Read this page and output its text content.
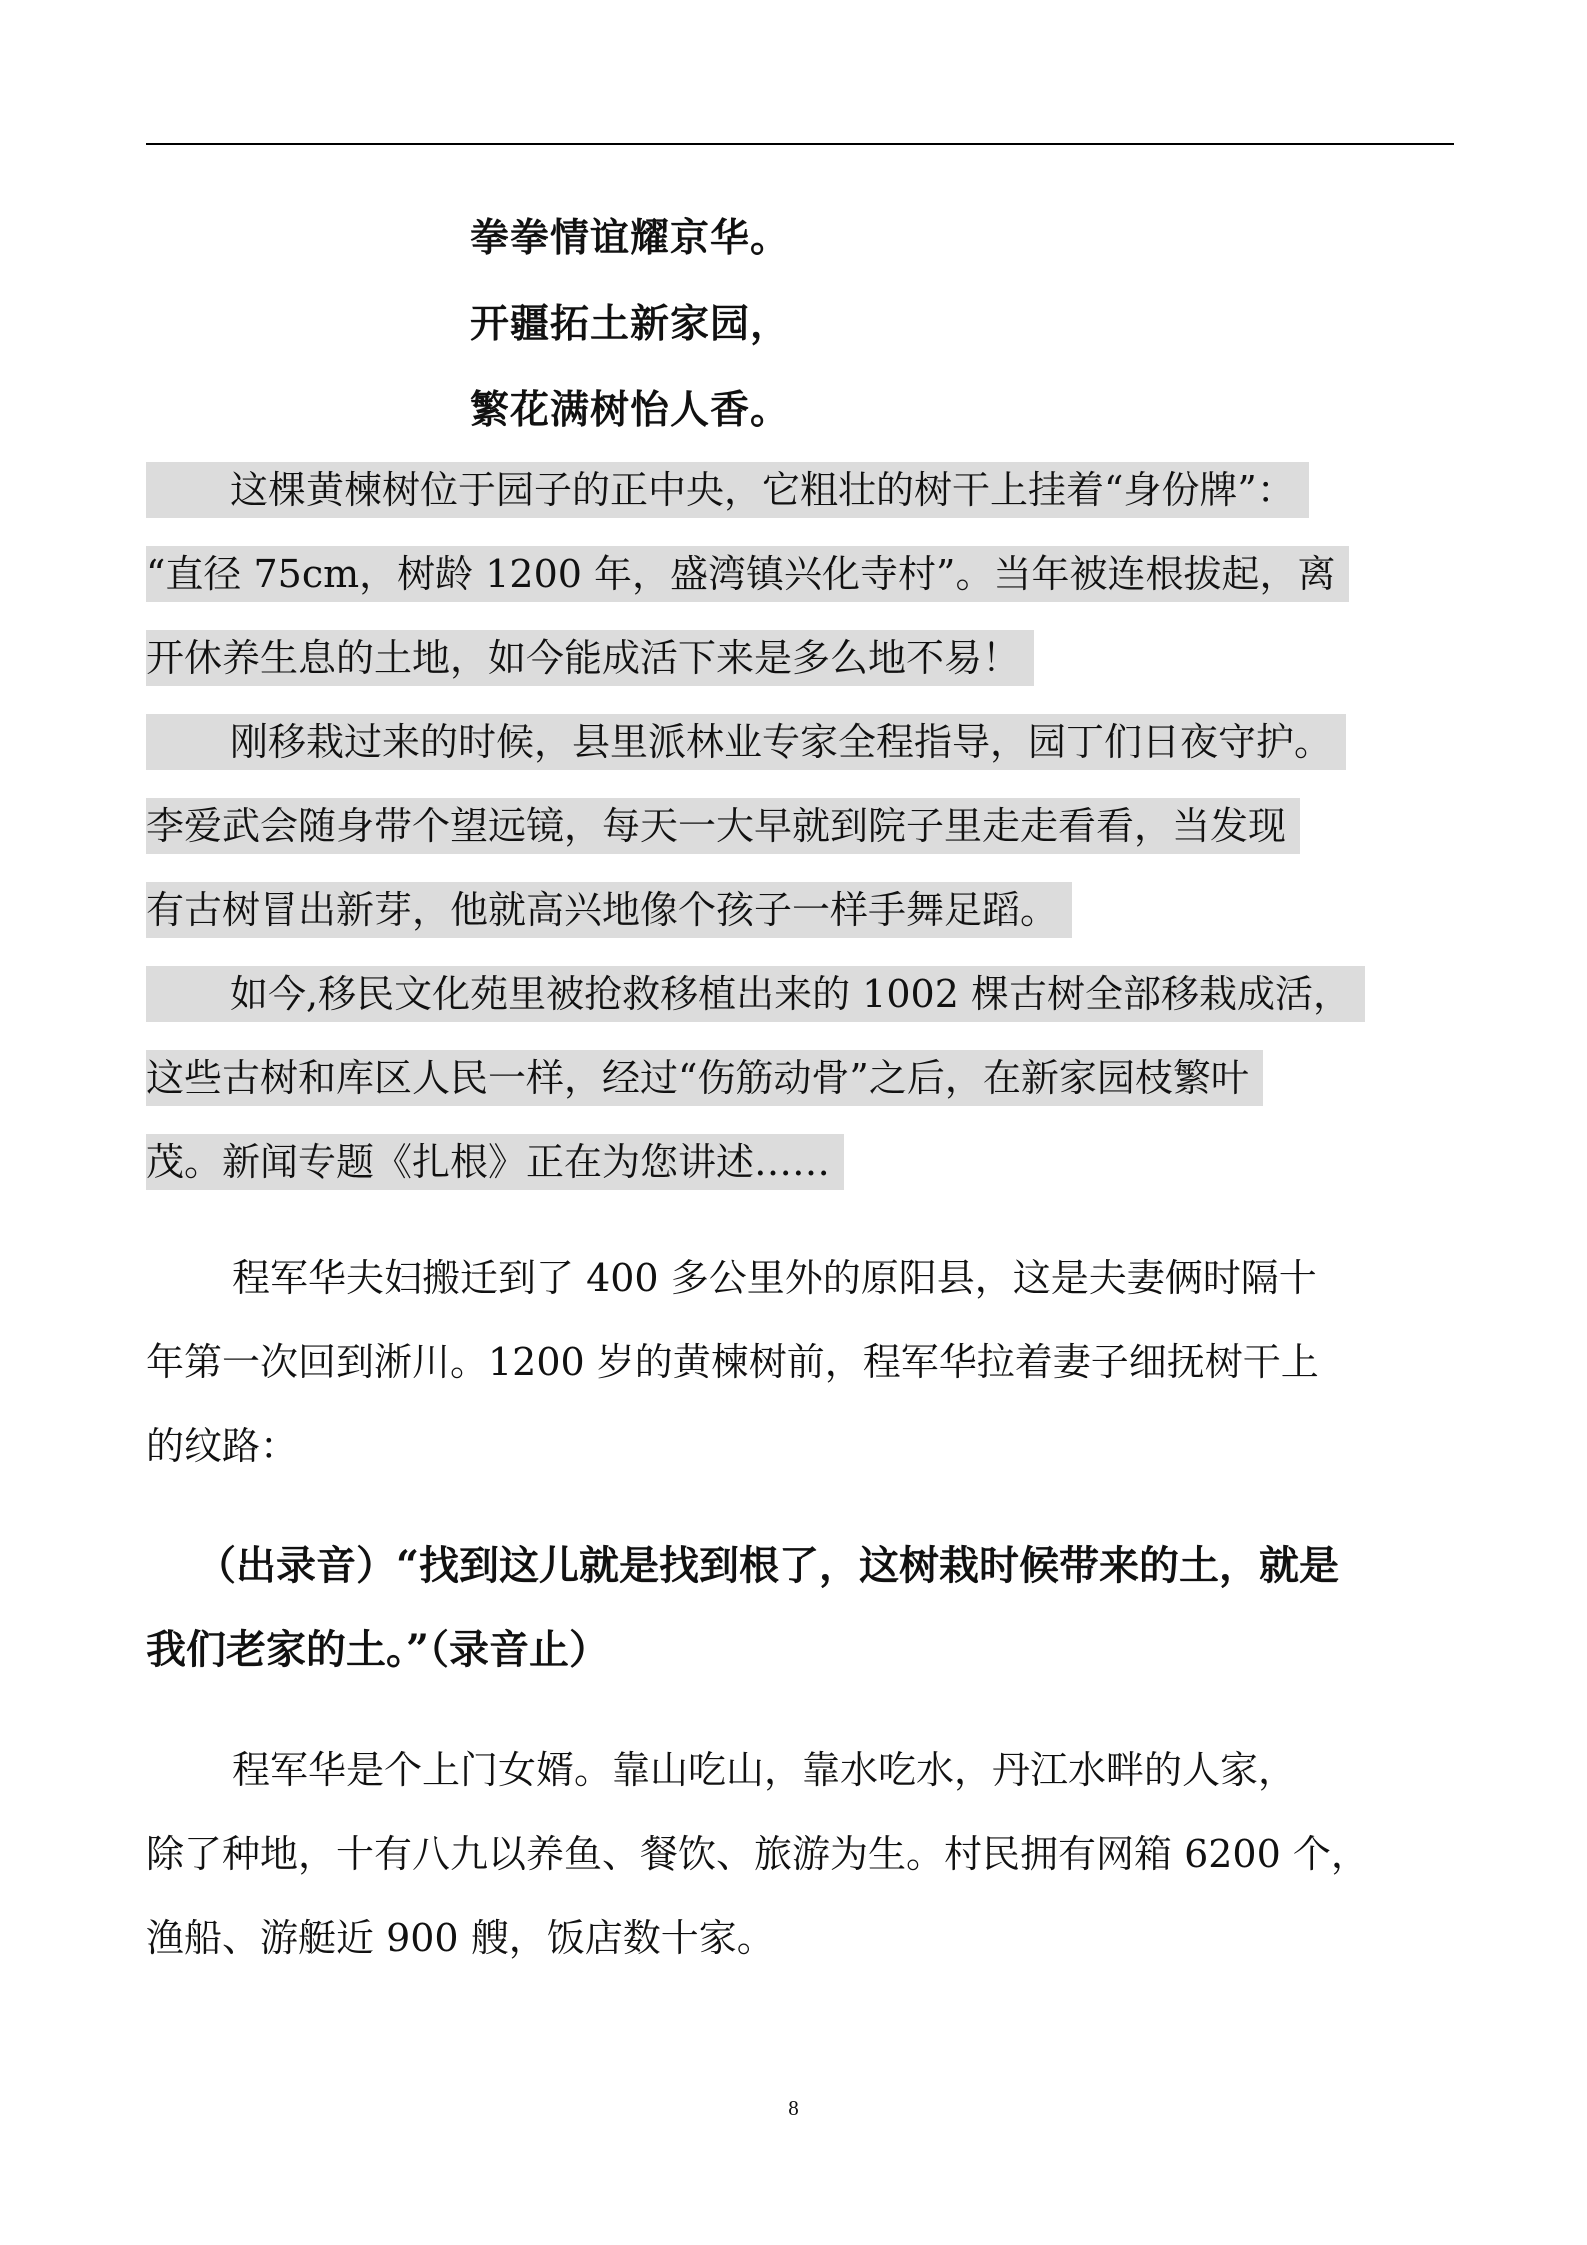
拳拳情谊耀京华。
开疆拓土新家园，
繁花满树怡人香。
这棵黄楝树位于园子的正中央，它粗壮的树干上挂着“身份牌”：
“直径 75cm，树龄 1200 年，盛湾镇兴化寺村”。当年被连根拔起，离
开休养生息的土地，如今能成活下来是多么地不易！
刚移栽过来的时候，县里派林业专家全程指导，园丁们日夜守护。
李爱武会随身带个望远镜，每天一大早就到院子里走走看看，当发现
有古树冒出新芽，他就高兴地像个孩子一样手舞足蹈。
如今,移民文化苑里被抢救移植出来的 1002 棵古树全部移栽成活，
这些古树和库区人民一样，经过“伤筋动骨”之后，在新家园枝繁叶
茂。新闻专题《扎根》正在为您讲述……
程军华夫妇搬迁到了 400 多公里外的原阳县，这是夫妻俩时隔十
年第一次回到淅川。1200 岁的黄楝树前，程军华拉着妻子细抚树干上
的纹路：
（出录音）“找到这儿就是找到根了，这树栽时候带来的土，就是
我们老家的土。”（录音止）
程军华是个上门女婿。靠山吃山，靠水吃水，丹江水畔的人家，
除了种地，十有八九以养鱼、餐饮、旅游为生。村民拥有网箱 6200 个，
渔船、游艇近 900 艘，饭店数十家。
8
